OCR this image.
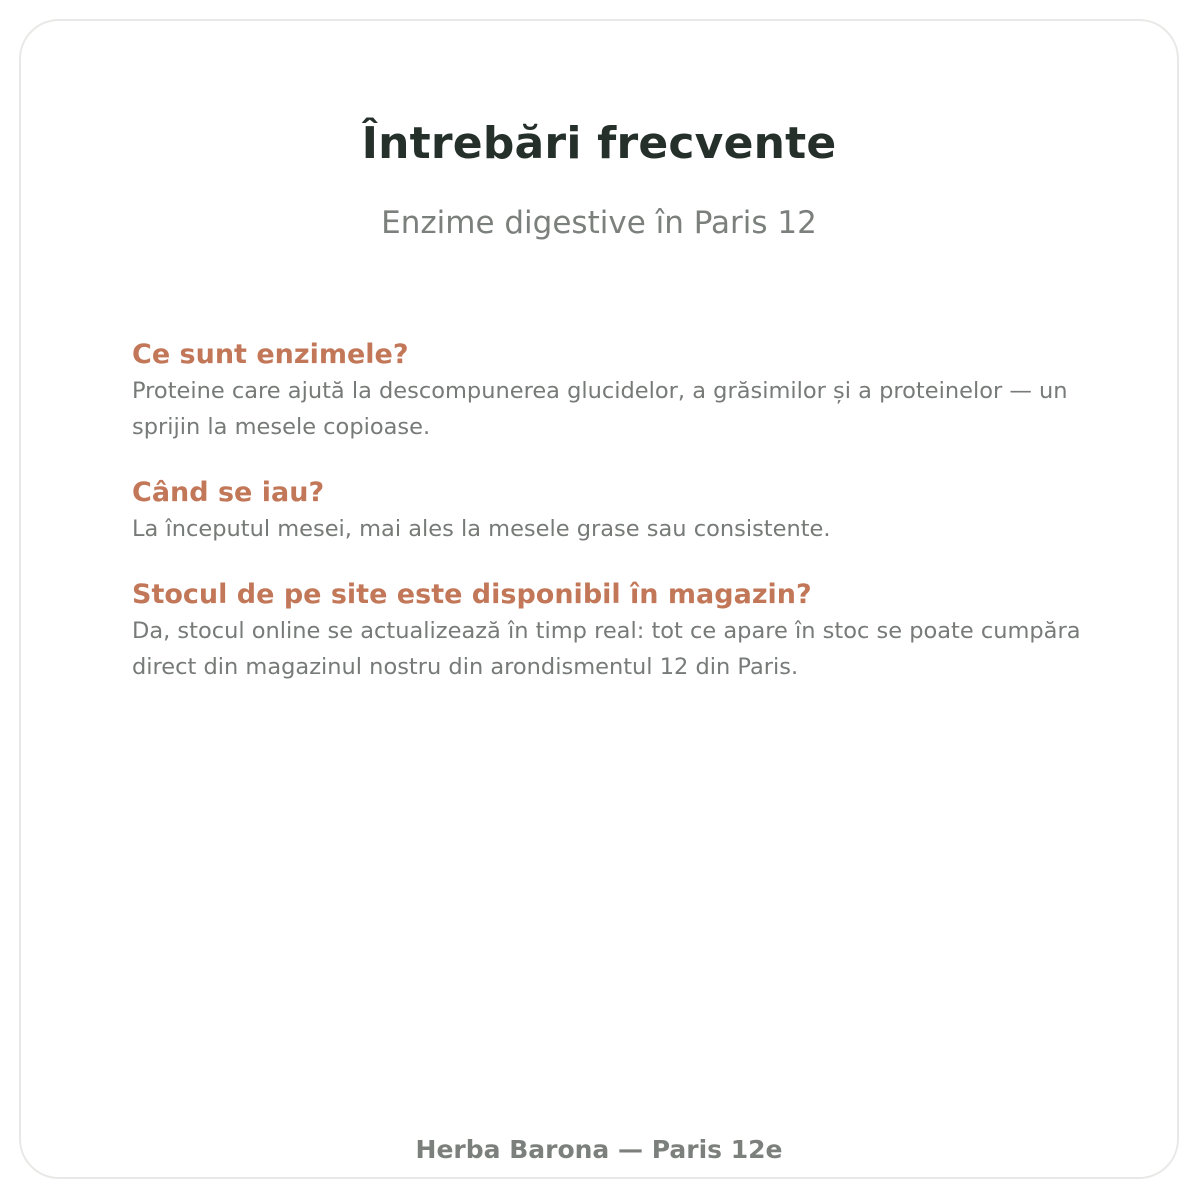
Întrebări frecvente
Enzime digestive în Paris 12

Ce sunt enzimele?

Proteine care ajută la descompunerea glucidelor, a grăsimilor și a proteinelor — un sprijin la mesele copioase.

Când se iau?

La începutul mesei, mai ales la mesele grase sau consistente.

Stocul de pe site este disponibil în magazin?

Da, stocul online se actualizează în timp real: tot ce apare în stoc se poate cumpăra direct din magazinul nostru din arondismentul 12 din Paris.

Herba Barona — Paris 12e
